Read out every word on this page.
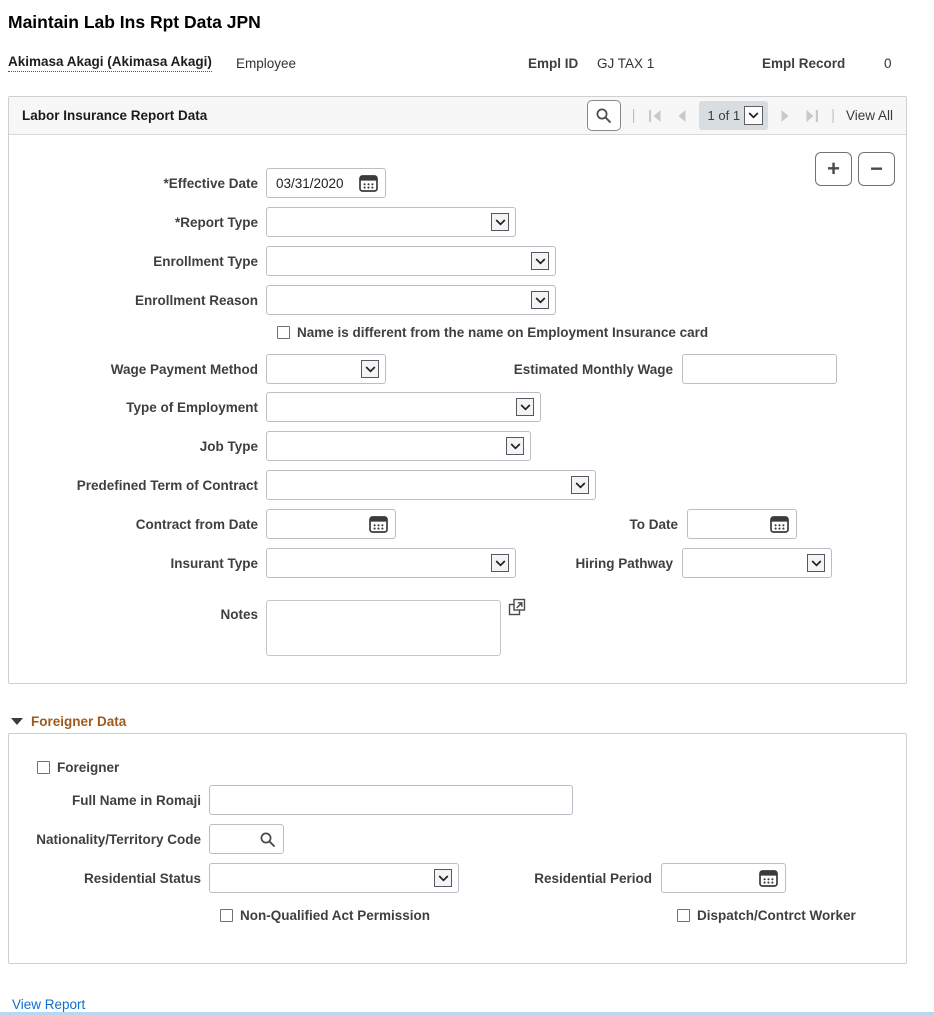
Maintain Lab Ins Rpt Data JPN
Akimasa Akagi (Akimasa Akagi) Employee	Empl ID GJ TAX 1	Empl Record	0
Labor Insurance Report Data	|	1 of 1	| View All
+	−
*Effective Date
03/31/2020
*Report Type
Enrollment Type
Enrollment Reason
Name is different from the name on Employment Insurance card
Wage Payment Method	Estimated Monthly Wage
Type of Employment
Job Type
Predefined Term of Contract
Contract from Date	To Date
Insurant Type	Hiring Pathway
Notes
Foreigner Data
Foreigner
Full Name in Romaji
Nationality/Territory Code
Residential Status	Residential Period
Non-Qualified Act Permission	Dispatch/Contrct Worker
View Report
